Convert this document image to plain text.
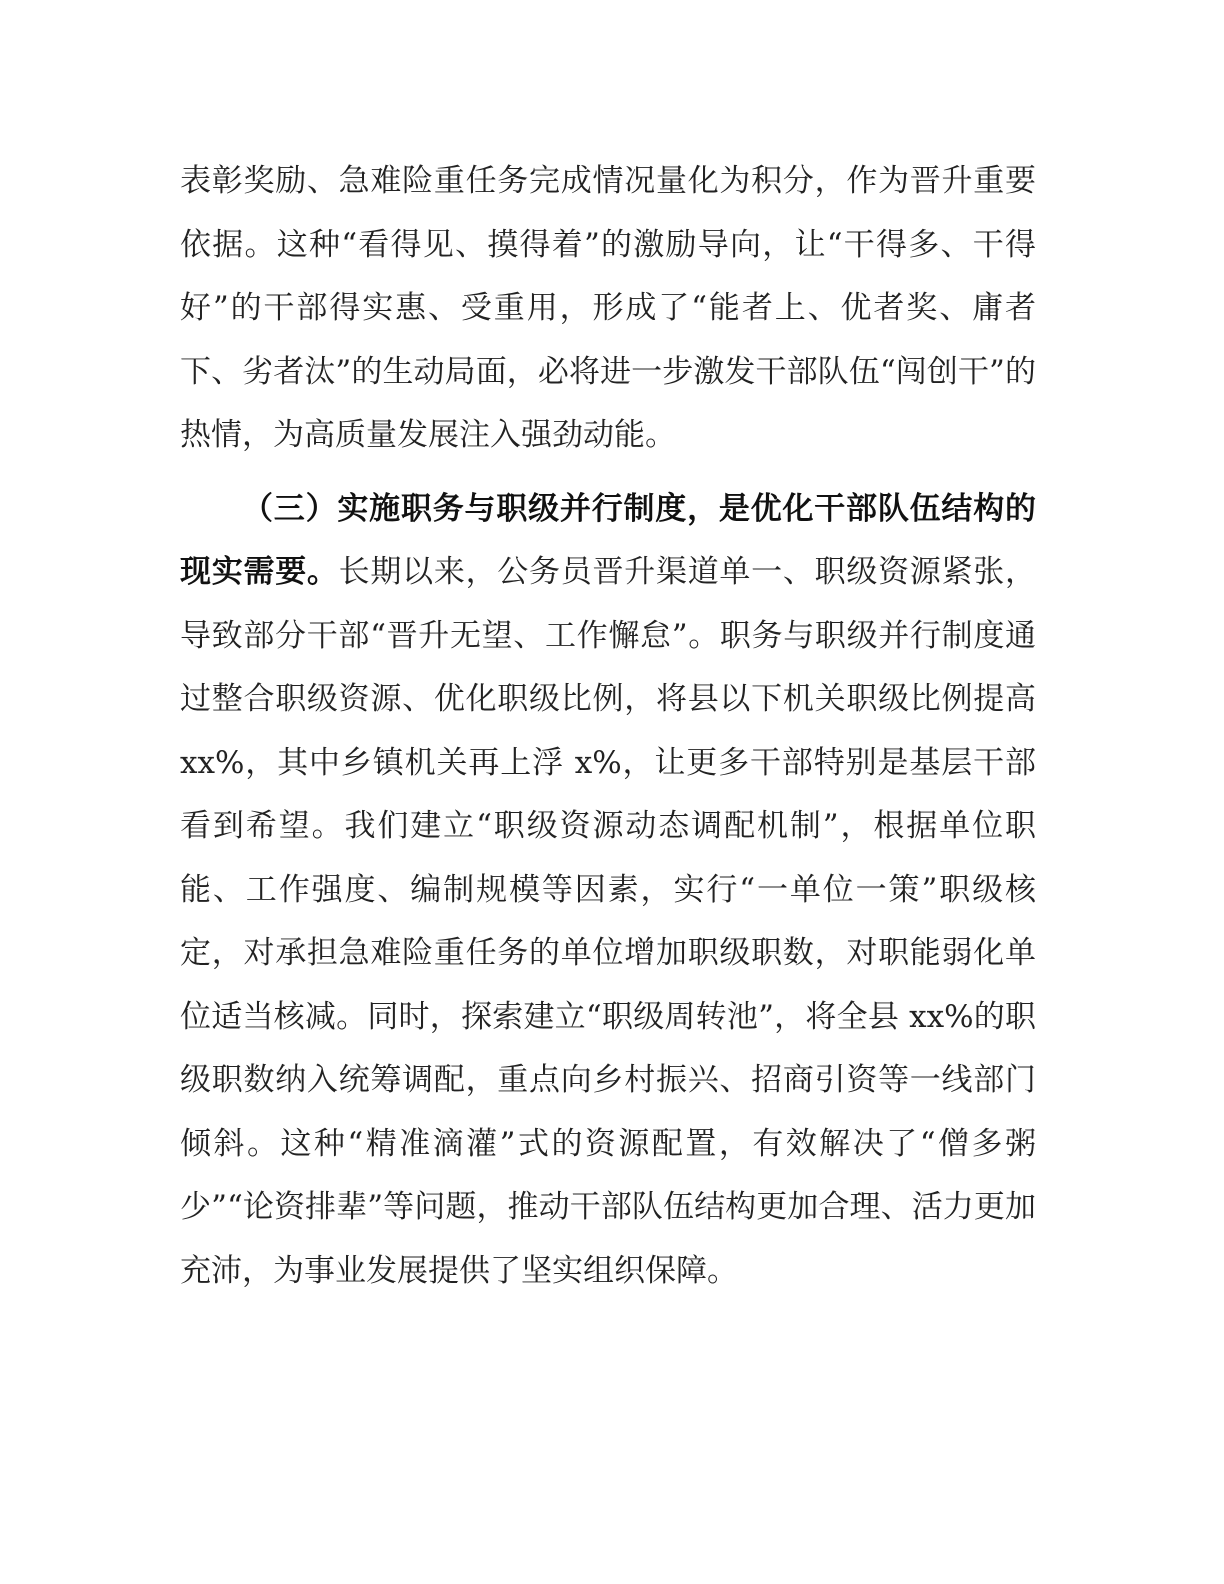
表彰奖励、急难险重任务完成情况量化为积分，作为晋升重要依据。这种“看得见、摸得着”的激励导向，让“干得多、干得好”的干部得实惠、受重用，形成了“能者上、优者奖、庸者下、劣者汰”的生动局面，必将进一步激发干部队伍“闯创干”的热情，为高质量发展注入强劲动能。

（三）实施职务与职级并行制度，是优化干部队伍结构的现实需要。长期以来，公务员晋升渠道单一、职级资源紧张，导致部分干部“晋升无望、工作懈怠”。职务与职级并行制度通过整合职级资源、优化职级比例，将县以下机关职级比例提高 xx%，其中乡镇机关再上浮 x%，让更多干部特别是基层干部看到希望。我们建立“职级资源动态调配机制”，根据单位职能、工作强度、编制规模等因素，实行“一单位一策”职级核定，对承担急难险重任务的单位增加职级职数，对职能弱化单位适当核减。同时，探索建立“职级周转池”，将全县 xx%的职级职数纳入统筹调配，重点向乡村振兴、招商引资等一线部门倾斜。这种“精准滴灌”式的资源配置，有效解决了“僧多粥少”“论资排辈”等问题，推动干部队伍结构更加合理、活力更加充沛，为事业发展提供了坚实组织保障。
